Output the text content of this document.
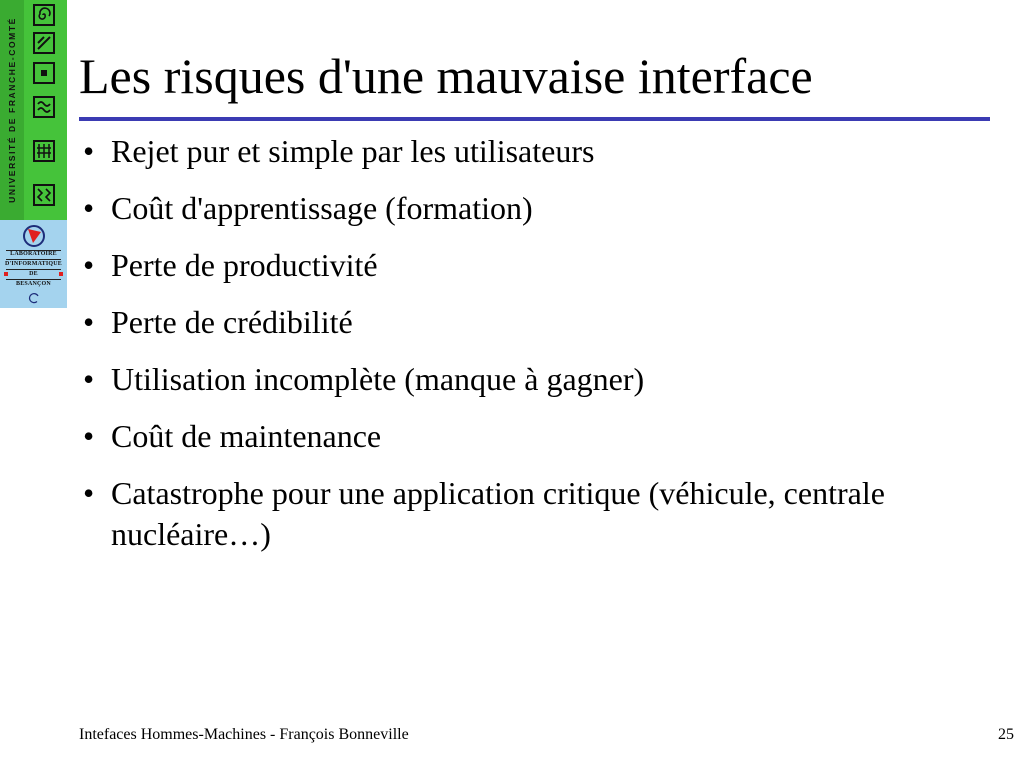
UNIVERSITÉ DE FRANCHE-COMTÉ
LABORATOIRE
D'INFORMATIQUE
DE
BESANÇON
Les risques d'une mauvaise interface
• Rejet pur et simple par les utilisateurs
• Coût d'apprentissage (formation)
• Perte de productivité
• Perte de crédibilité
• Utilisation incomplète (manque à gagner)
• Coût de maintenance
• Catastrophe pour une application critique (véhicule, centrale nucléaire…)
Intefaces Hommes-Machines - François Bonneville	25
